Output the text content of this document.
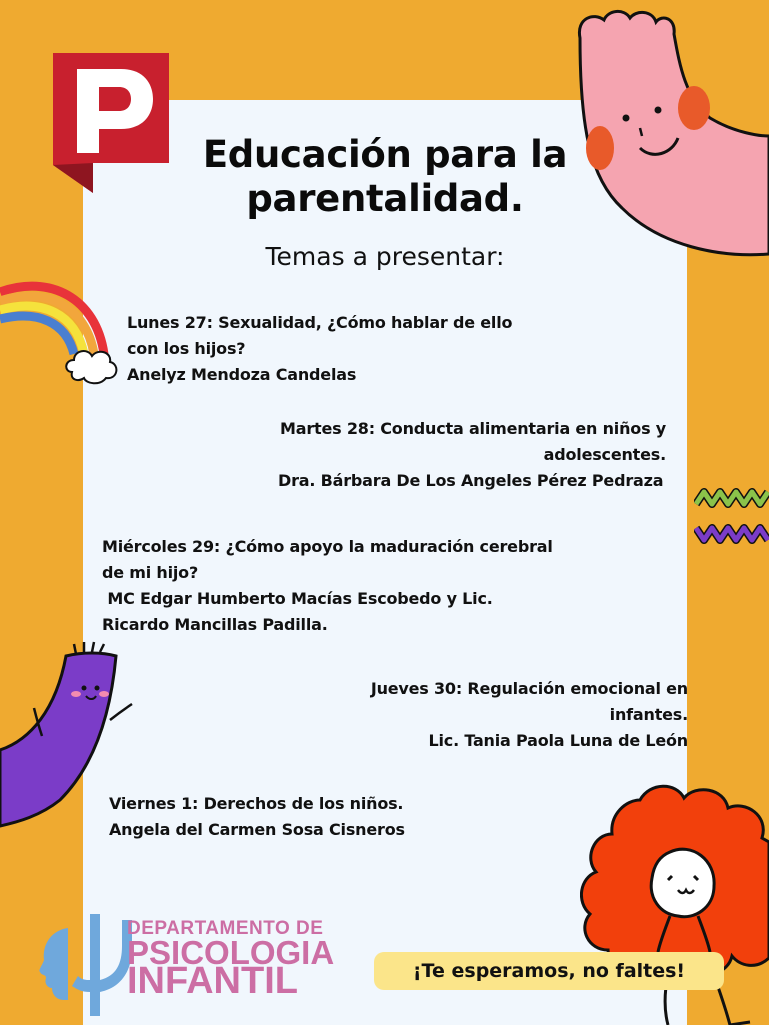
Educación para la
parentalidad.
Temas a presentar:
Lunes 27: Sexualidad, ¿Cómo hablar de ello
con los hijos?
Anelyz Mendoza Candelas
Martes 28: Conducta alimentaria en niños y
adolescentes.
Dra. Bárbara De Los Angeles Pérez Pedraza
Miércoles 29: ¿Cómo apoyo la maduración cerebral
de mi hijo?
MC Edgar Humberto Macías Escobedo y Lic.
Ricardo Mancillas Padilla.
Jueves 30: Regulación emocional en
infantes.
Lic. Tania Paola Luna de León
Viernes 1: Derechos de los niños.
Angela del Carmen Sosa Cisneros
DEPARTAMENTO DE
PSICOLOGIA
INFANTIL	¡Te esperamos, no faltes!
